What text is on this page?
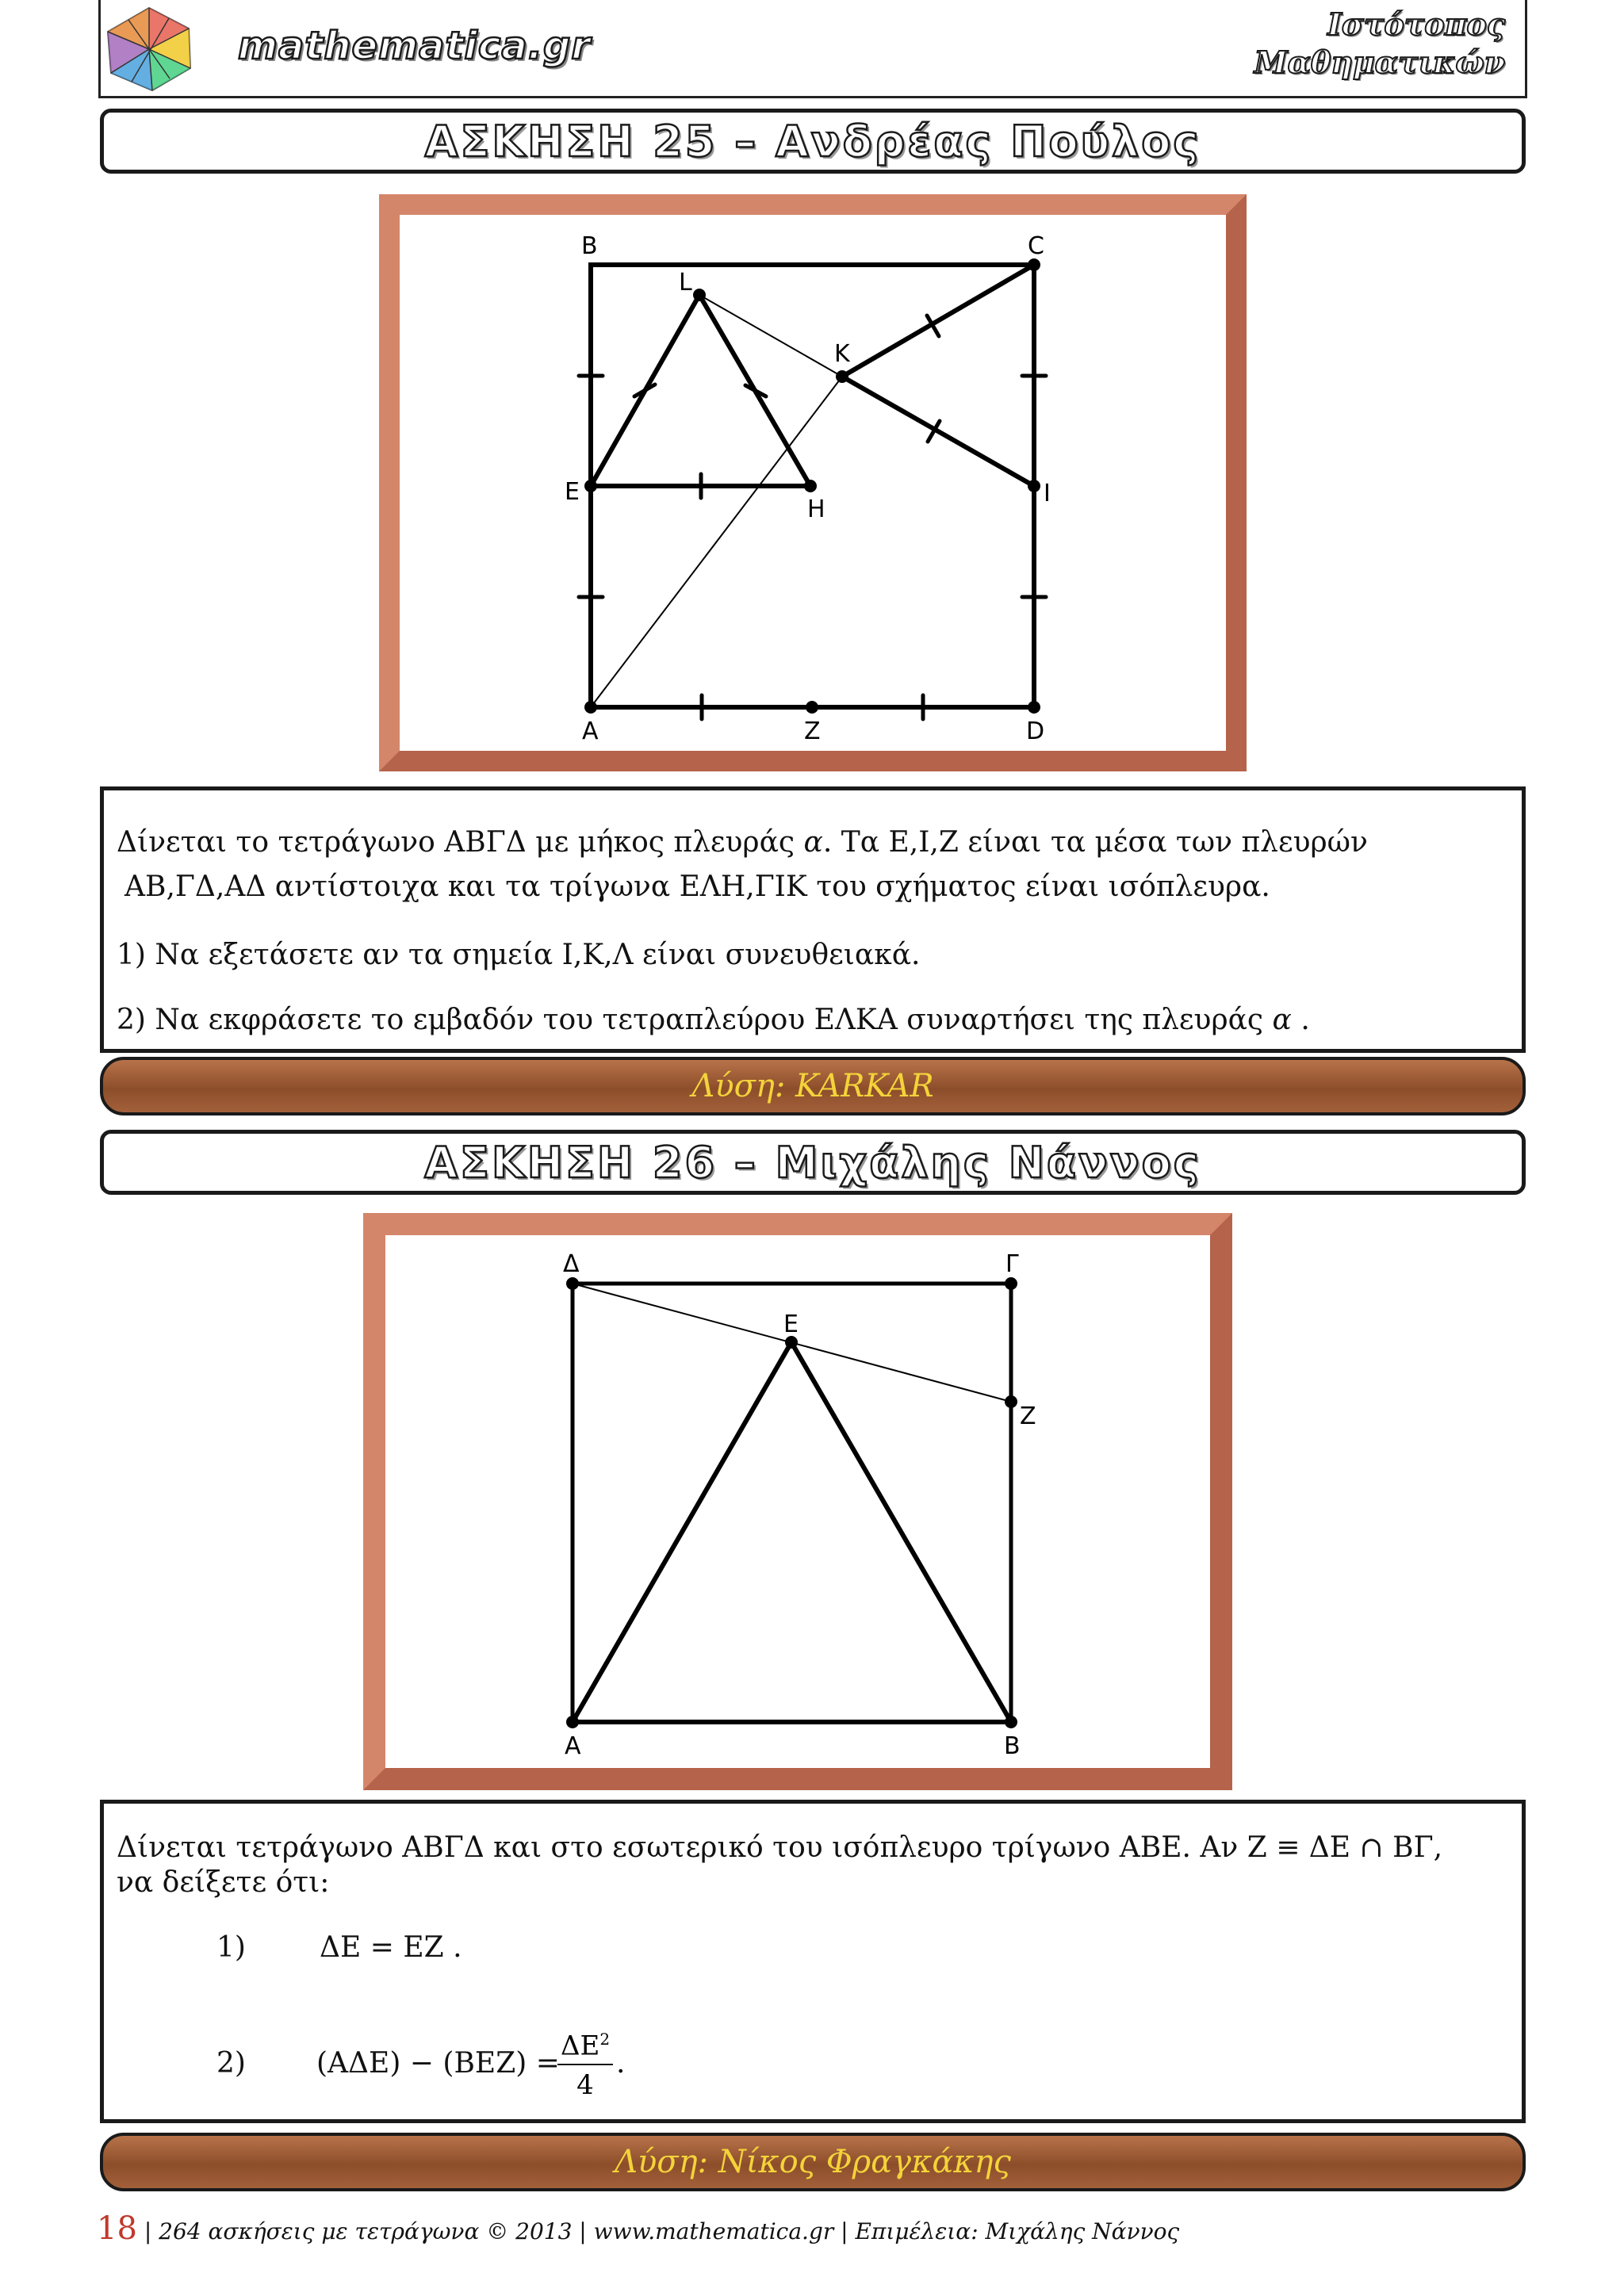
mathematica.gr	Ιστότοπος
Μαθηματικών
ΑΣΚΗΣΗ 25 – Ανδρέας Πούλος
B	C
L
K
E
H
I
A	Z	D
Δίνεται το τετράγωνο ΑΒΓΔ με μήκος πλευράς α. Τα Ε,Ι,Ζ είναι τα μέσα των πλευρών
ΑΒ,ΓΔ,ΑΔ αντίστοιχα και τα τρίγωνα ΕΛΗ,ΓΙΚ του σχήματος είναι ισόπλευρα.
1) Να εξετάσετε αν τα σημεία Ι,Κ,Λ είναι συνευθειακά.
2) Να εκφράσετε το εμβαδόν του τετραπλεύρου ΕΛΚΑ συναρτήσει της πλευράς α .
Λύση: KARKAR
ΑΣΚΗΣΗ 26 – Μιχάλης Νάννος
Δ	Γ
E
Z
A	B
Δίνεται τετράγωνο ΑΒΓΔ και στο εσωτερικό του ισόπλευρο τρίγωνο ΑΒΕ. Αν Ζ ≡ ΔΕ ∩ ΒΓ,
να δείξετε ότι:
1)	ΔΕ = ΕΖ .
2) (ΑΔΕ) − (ΒΕΖ) =
$\frac{\Delta E^2}{4}$ .
Λύση: Νίκος Φραγκάκης
18 | 264 ασκήσεις με τετράγωνα © 2013 | www.mathematica.gr | Επιμέλεια: Μιχάλης Νάννος
